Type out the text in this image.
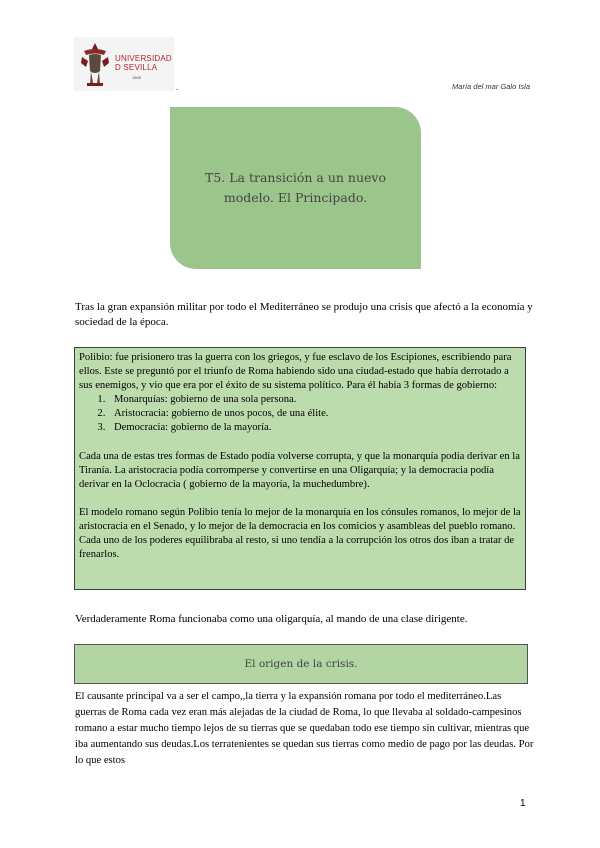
UNIVERSIDAD
D SEVILLA
1505
.	María del mar Galo Isla
T5. La transición a un nuevo modelo. El Principado.

Tras la gran expansión militar por todo el Mediterráneo se produjo una crisis que afectó a la economía y sociedad de la época.

Polibio: fue prisionero tras la guerra con los griegos, y fue esclavo de los Escipiones, escribiendo para ellos. Este se preguntó por el triunfo de Roma habiendo sido una ciudad-estado que había derrotado a sus enemigos, y vio que era por el éxito de su sistema político. Para él había 3 formas de gobierno:

1. Monarquías: gobierno de una sola persona.
2. Aristocracia: gobierno de unos pocos, de una élite.
3. Democracia: gobierno de la mayoría.

Cada una de estas tres formas de Estado podía volverse corrupta, y que la monarquía podía derivar en la Tiranía. La aristocracia podía corromperse y convertirse en una Oligarquía; y la democracia podía derivar en la Oclocracia ( gobierno de la mayoría, la muchedumbre).

El modelo romano según Polibio tenía lo mejor de la monarquía en los cónsules romanos, lo mejor de la aristocracia en el Senado, y lo mejor de la democracia en los comicios y asambleas del pueblo romano.

Cada uno de los poderes equilibraba al resto, si uno tendía a la corrupción los otros dos iban a tratar de frenarlos.

Verdaderamente Roma funcionaba como una oligarquía, al mando de una clase dirigente.

El origen de la crisis.

El causante principal va a ser el campo,,la tierra y la expansión romana por todo el mediterráneo.Las guerras de Roma cada vez eran más alejadas de la ciudad de Roma, lo que llevaba al soldado-campesinos romano a estar mucho tiempo lejos de su tierras que se quedaban todo ese tiempo sin cultivar, mientras que iba aumentando sus deudas.Los terratenientes se quedan sus tierras como medio de pago por las deudas. Por lo que estos

1
